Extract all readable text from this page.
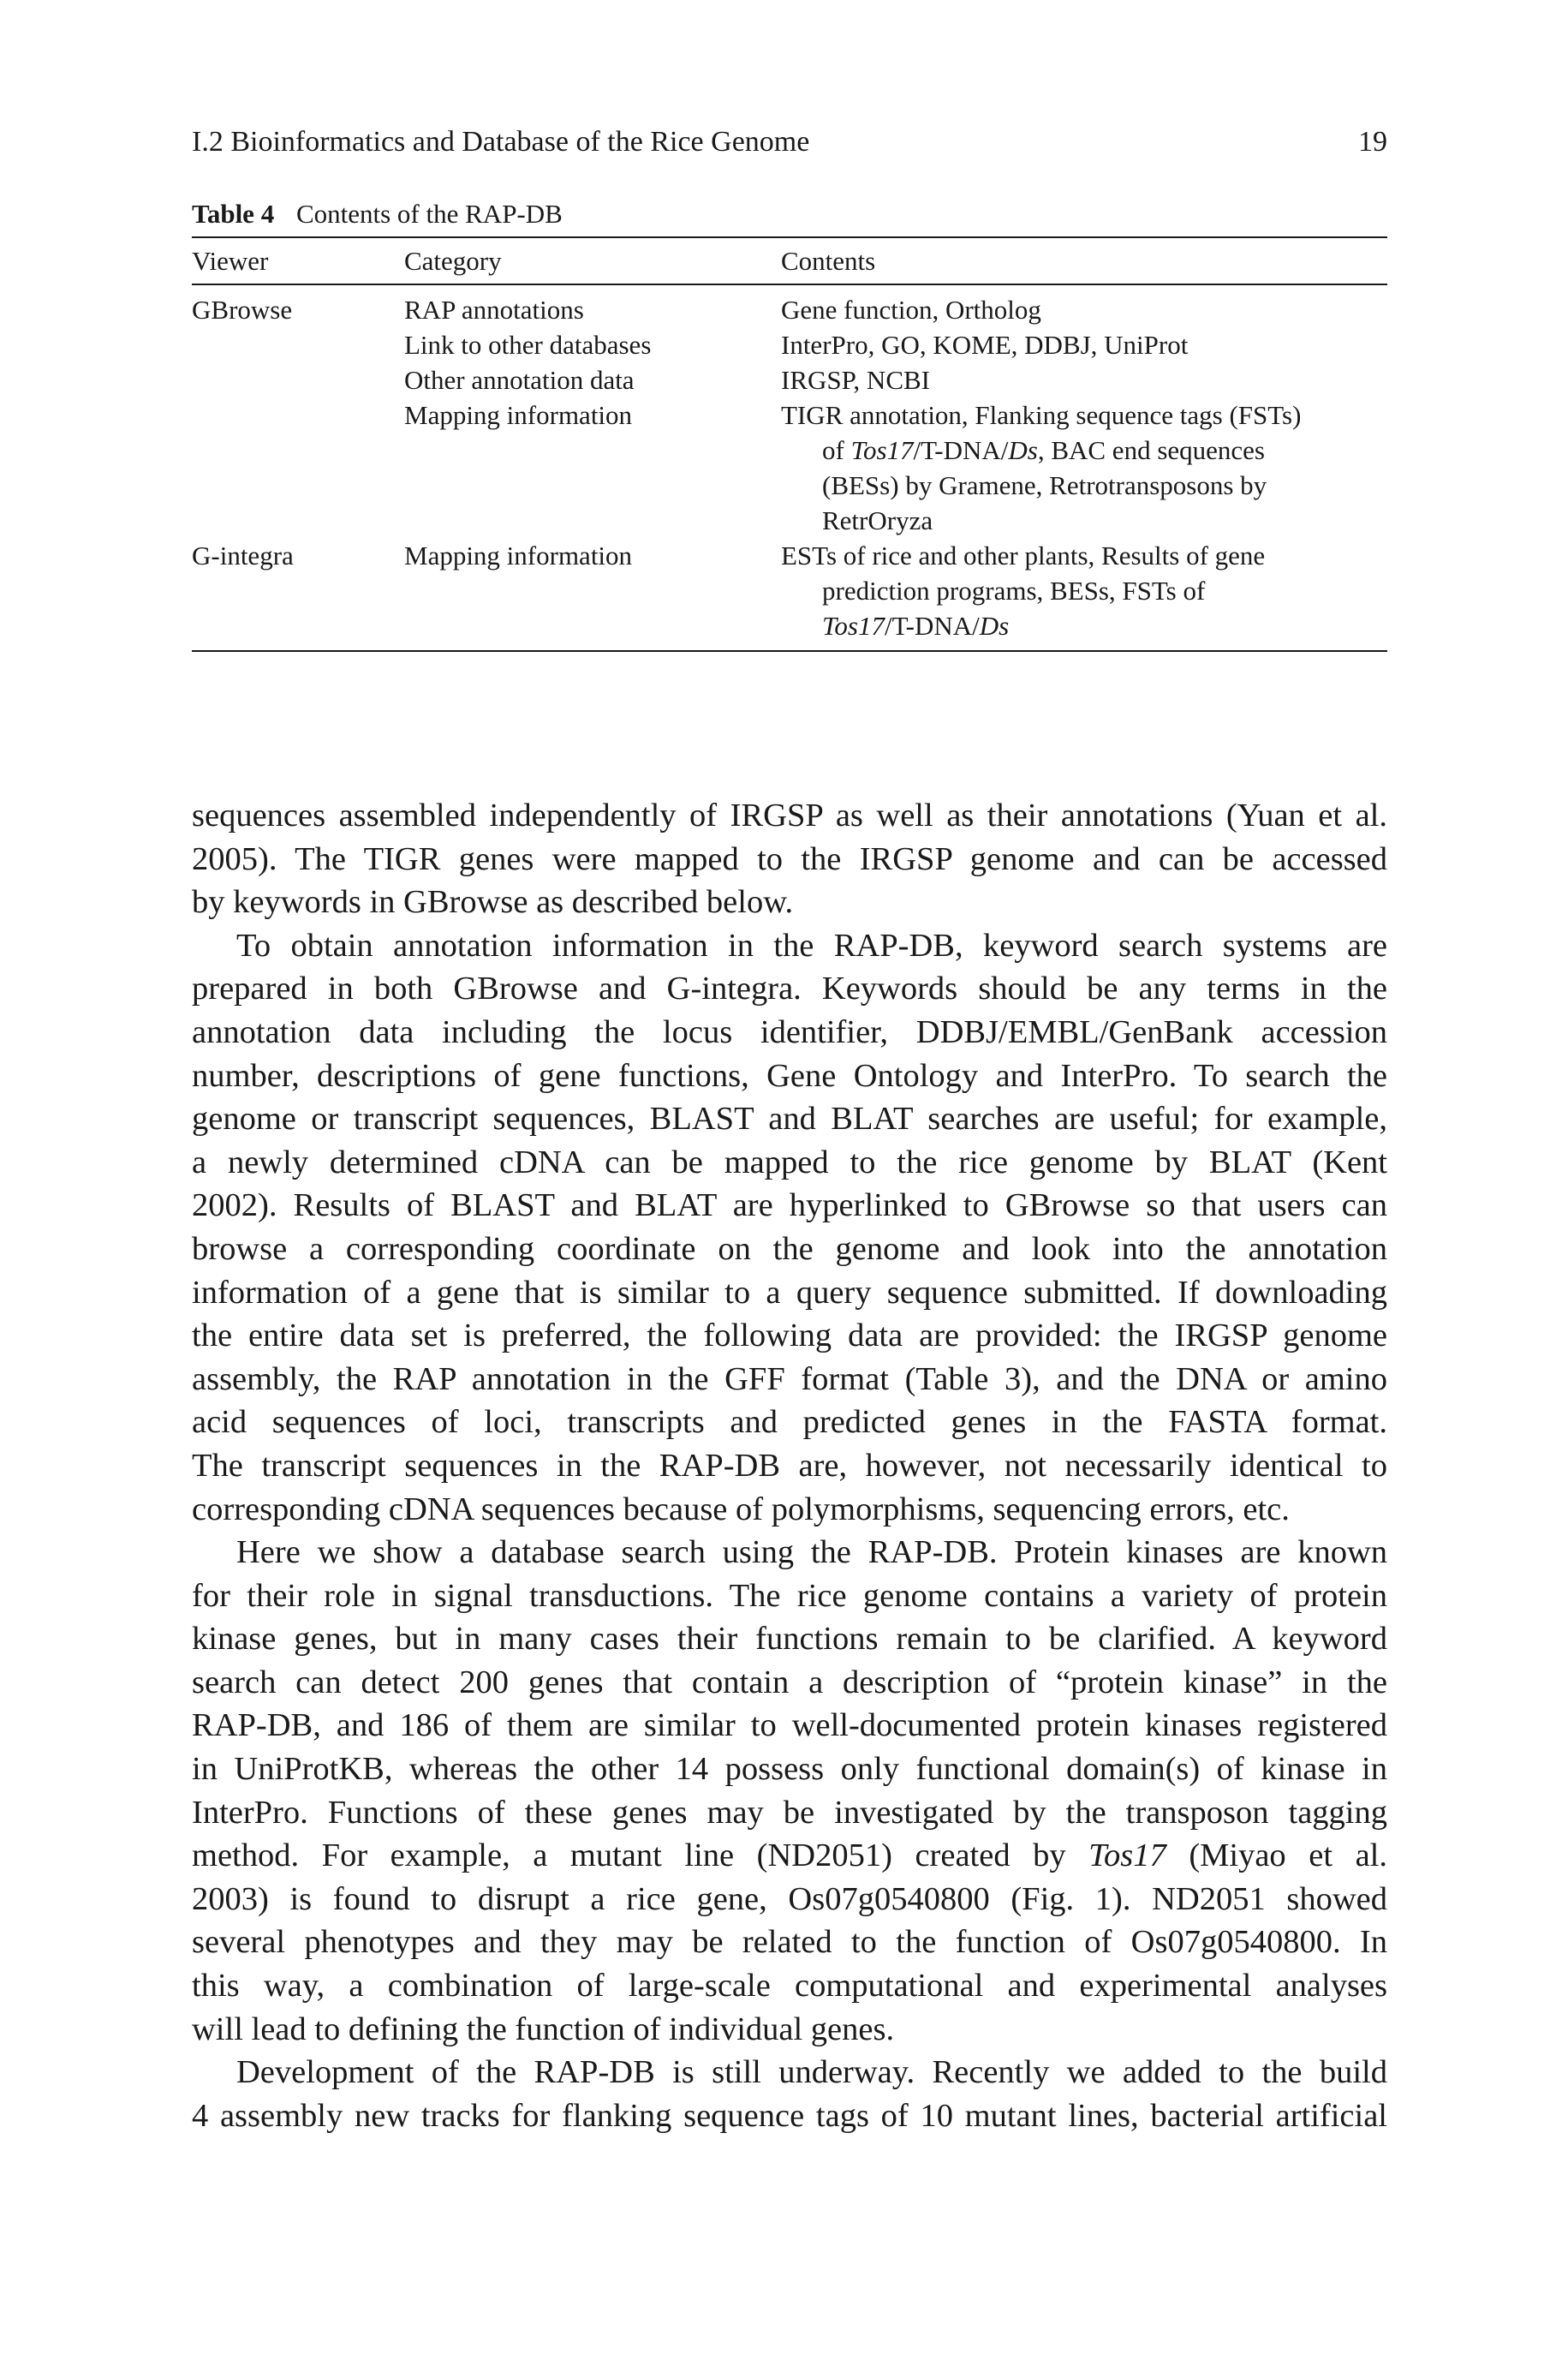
I.2 Bioinformatics and Database of the Rice Genome	19
Table 4 Contents of the RAP-DB
Viewer	Category	Contents
GBrowse	RAP annotations	Gene function, Ortholog

	Link to other databases	InterPro, GO, KOME, DDBJ, UniProt

	Other annotation data	IRGSP, NCBI

	Mapping information	TIGR annotation, Flanking sequence tags (FSTs)
of Tos17/T-DNA/Ds, BAC end sequences
(BESs) by Gramene, Retrotransposons by
RetrOryza

G-integra	Mapping information	ESTs of rice and other plants, Results of gene
prediction programs, BESs, FSTs of
Tos17/T-DNA/Ds
sequences assembled independently of IRGSP as well as their annotations (Yuan et al.
2005). The TIGR genes were mapped to the IRGSP genome and can be accessed
by keywords in GBrowse as described below.
To obtain annotation information in the RAP-DB, keyword search systems are
prepared in both GBrowse and G-integra. Keywords should be any terms in the
annotation data including the locus identifier, DDBJ/EMBL/GenBank accession
number, descriptions of gene functions, Gene Ontology and InterPro. To search the
genome or transcript sequences, BLAST and BLAT searches are useful; for example,
a newly determined cDNA can be mapped to the rice genome by BLAT (Kent
2002). Results of BLAST and BLAT are hyperlinked to GBrowse so that users can
browse a corresponding coordinate on the genome and look into the annotation
information of a gene that is similar to a query sequence submitted. If downloading
the entire data set is preferred, the following data are provided: the IRGSP genome
assembly, the RAP annotation in the GFF format (Table 3), and the DNA or amino
acid sequences of loci, transcripts and predicted genes in the FASTA format.
The transcript sequences in the RAP-DB are, however, not necessarily identical to
corresponding cDNA sequences because of polymorphisms, sequencing errors, etc.
Here we show a database search using the RAP-DB. Protein kinases are known
for their role in signal transductions. The rice genome contains a variety of protein
kinase genes, but in many cases their functions remain to be clarified. A keyword
search can detect 200 genes that contain a description of “protein kinase” in the
RAP-DB, and 186 of them are similar to well-documented protein kinases registered
in UniProtKB, whereas the other 14 possess only functional domain(s) of kinase in
InterPro. Functions of these genes may be investigated by the transposon tagging
method. For example, a mutant line (ND2051) created by Tos17 (Miyao et al.
2003) is found to disrupt a rice gene, Os07g0540800 (Fig. 1). ND2051 showed
several phenotypes and they may be related to the function of Os07g0540800. In
this way, a combination of large-scale computational and experimental analyses
will lead to defining the function of individual genes.
Development of the RAP-DB is still underway. Recently we added to the build
4 assembly new tracks for flanking sequence tags of 10 mutant lines, bacterial artificial
